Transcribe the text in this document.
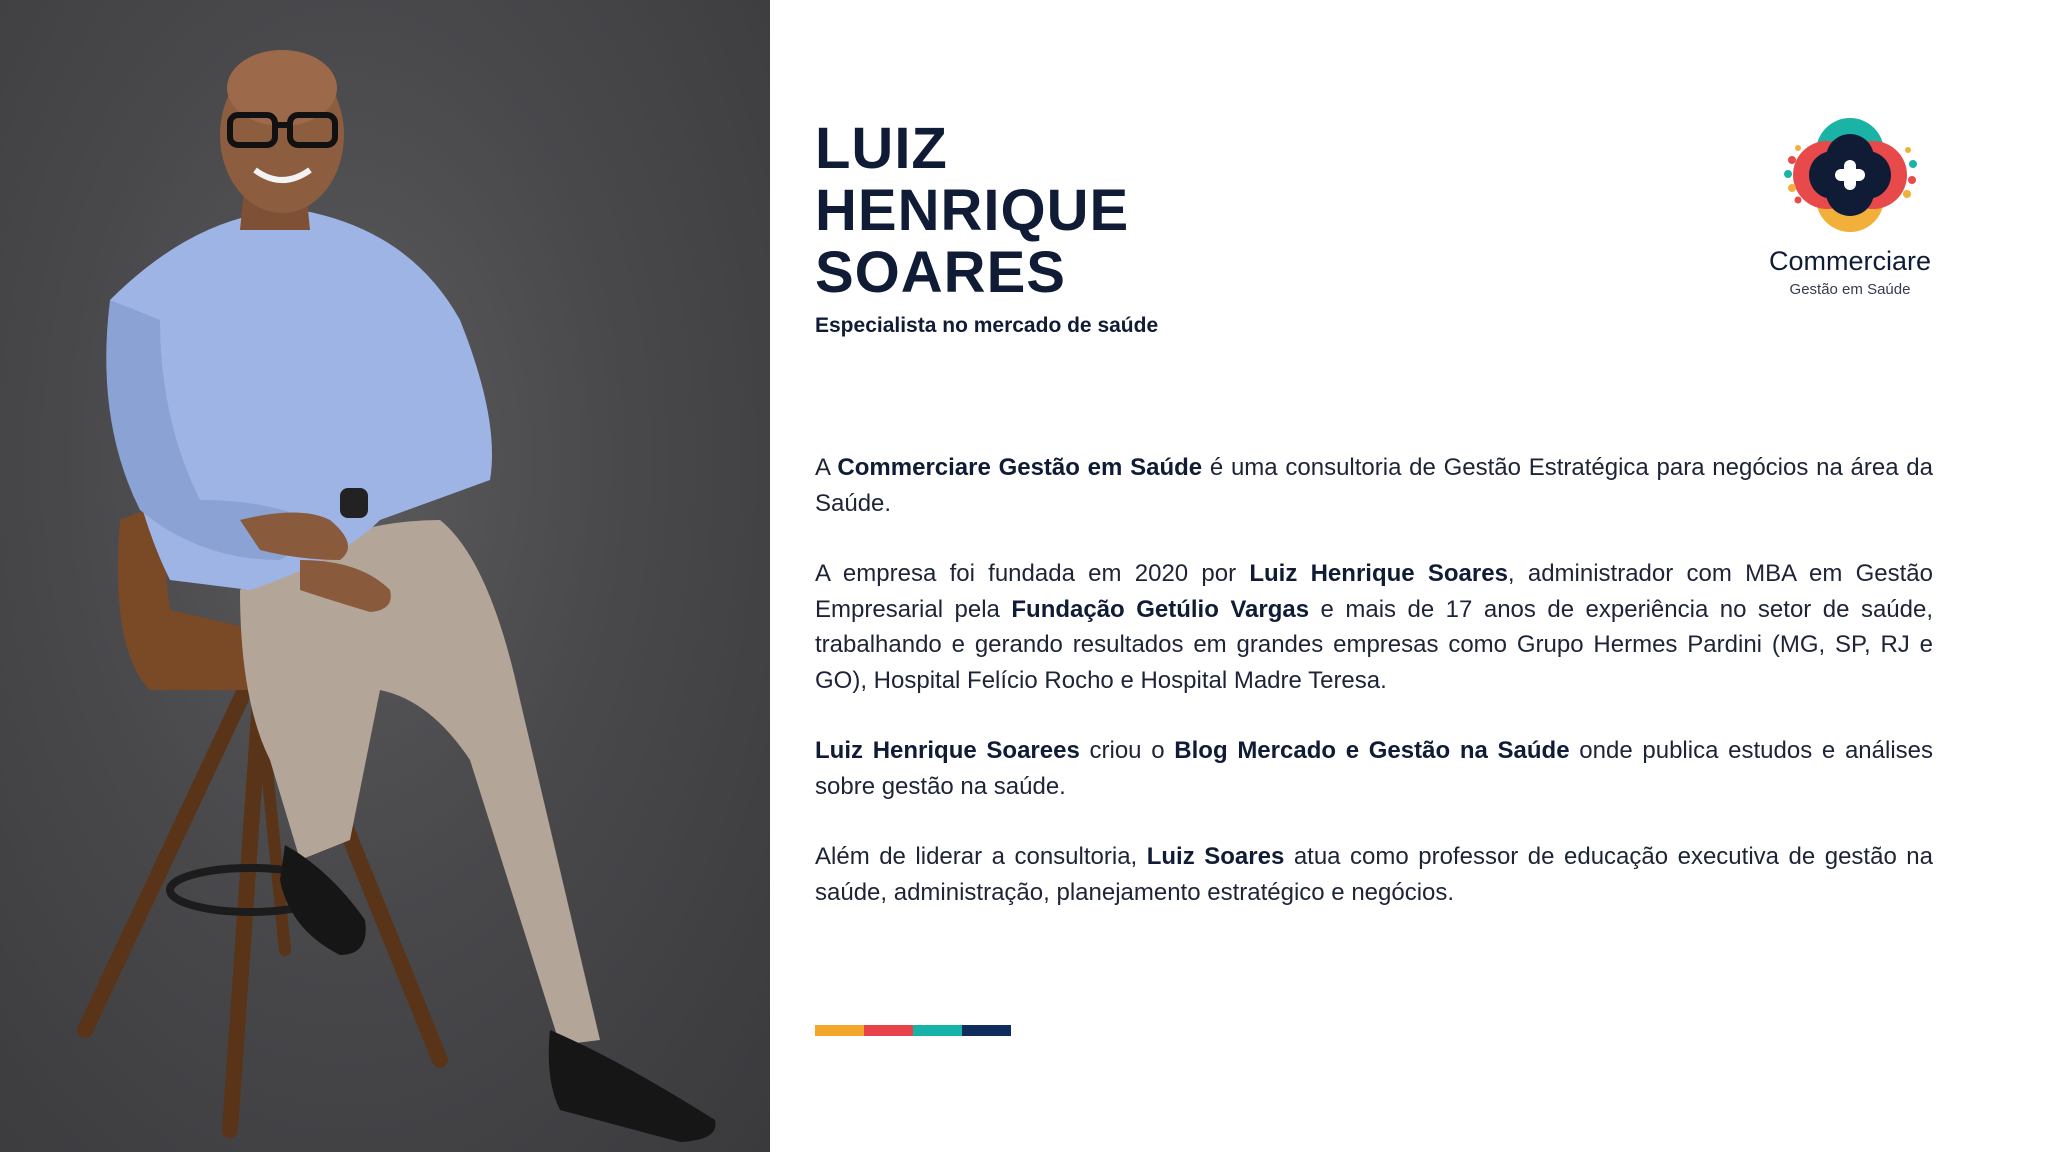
LUIZ
HENRIQUE
SOARES
Especialista no mercado de saúde
Commerciare
Gestão em Saúde

A Commerciare Gestão em Saúde é uma consultoria de Gestão Estratégica para negócios na área da Saúde.

A empresa foi fundada em 2020 por Luiz Henrique Soares, administrador com MBA em Gestão Empresarial pela Fundação Getúlio Vargas e mais de 17 anos de experiência no setor de saúde, trabalhando e gerando resultados em grandes empresas como Grupo Hermes Pardini (MG, SP, RJ e GO), Hospital Felício Rocho e Hospital Madre Teresa.

Luiz Henrique Soarees criou o Blog Mercado e Gestão na Saúde onde publica estudos e análises sobre gestão na saúde.

Além de liderar a consultoria, Luiz Soares atua como professor de educação executiva de gestão na saúde, administração, planejamento estratégico e negócios.
